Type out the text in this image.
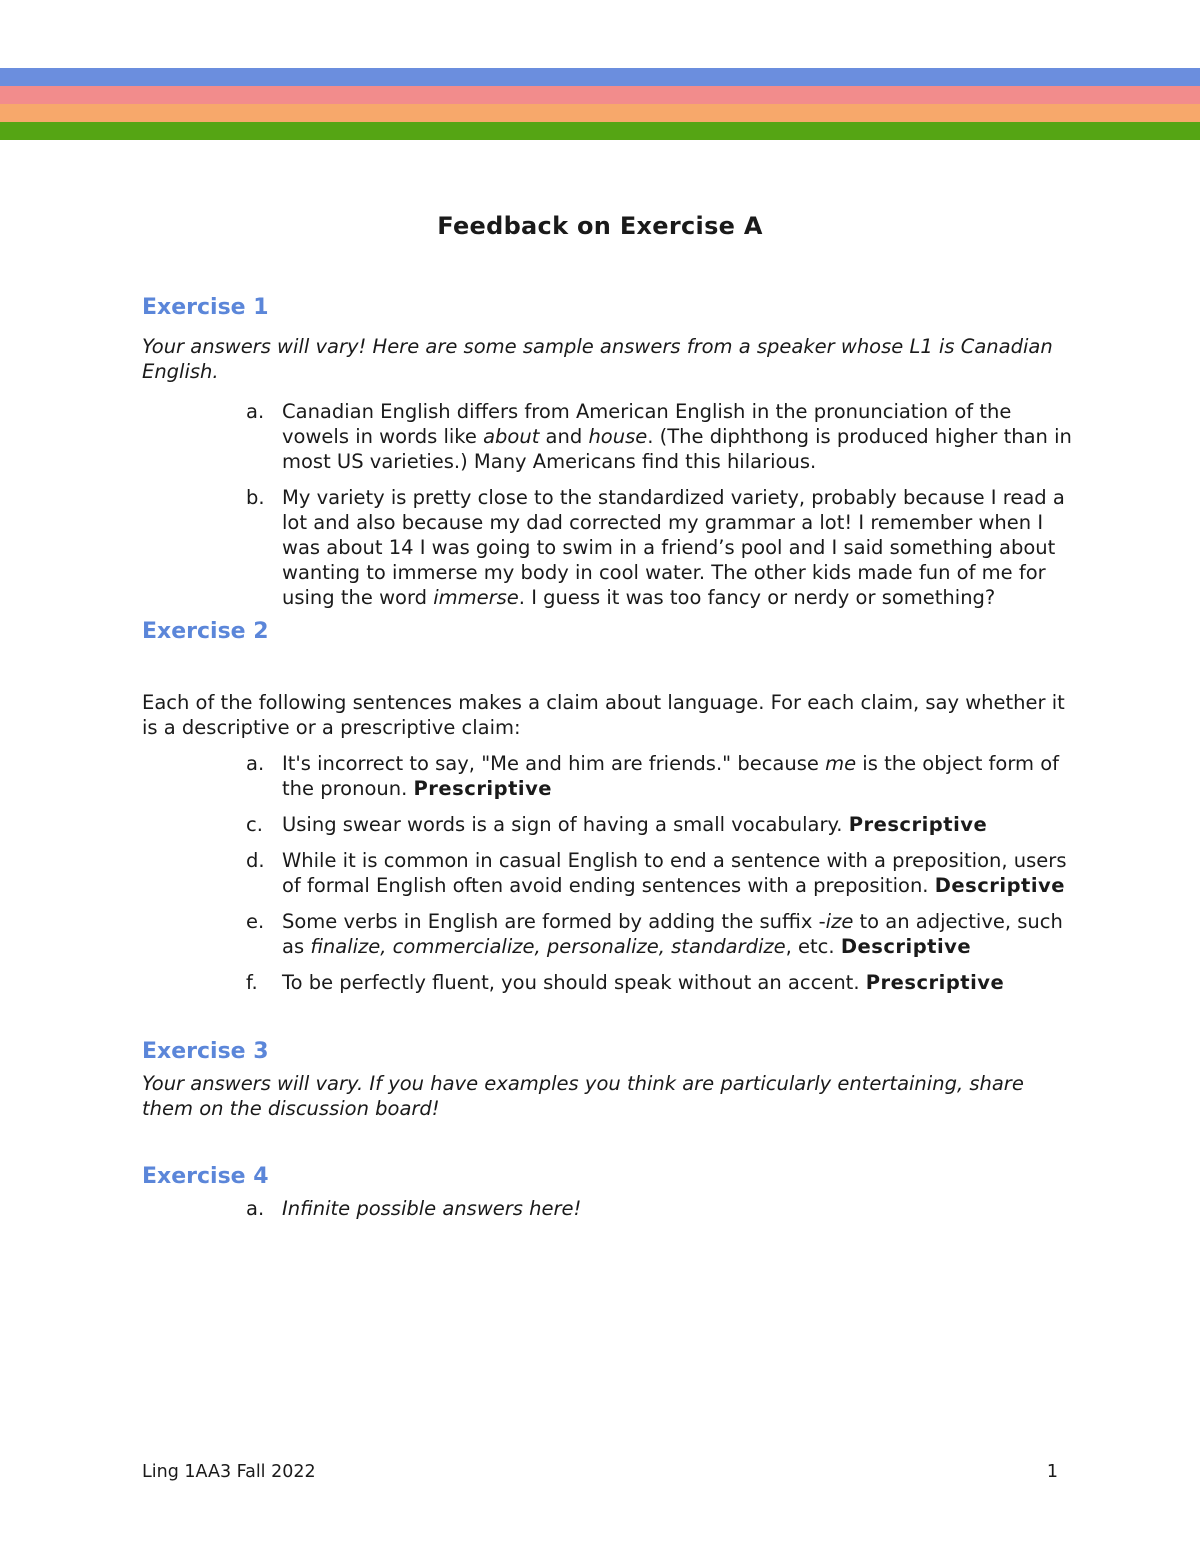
Feedback on Exercise A
Exercise 1

Your answers will vary! Here are some sample answers from a speaker whose L1 is Canadian English.

a. Canadian English differs from American English in the pronunciation of the vowels in words like about and house. (The diphthong is produced higher than in most US varieties.) Many Americans find this hilarious.
b. My variety is pretty close to the standardized variety, probably because I read a lot and also because my dad corrected my grammar a lot! I remember when I was about 14 I was going to swim in a friend’s pool and I said something about wanting to immerse my body in cool water. The other kids made fun of me for using the word immerse. I guess it was too fancy or nerdy or something?
Exercise 2

Each of the following sentences makes a claim about language. For each claim, say whether it is a descriptive or a prescriptive claim:

a. It's incorrect to say, "Me and him are friends." because me is the object form of the pronoun. Prescriptive
c. Using swear words is a sign of having a small vocabulary. Prescriptive
d. While it is common in casual English to end a sentence with a preposition, users of formal English often avoid ending sentences with a preposition. Descriptive
e. Some verbs in English are formed by adding the suffix -ize to an adjective, such as finalize, commercialize, personalize, standardize, etc. Descriptive
f. To be perfectly fluent, you should speak without an accent. Prescriptive
Exercise 3

Your answers will vary. If you have examples you think are particularly entertaining, share them on the discussion board!

Exercise 4
a. Infinite possible answers here!
Ling 1AA3 Fall 2022	1
